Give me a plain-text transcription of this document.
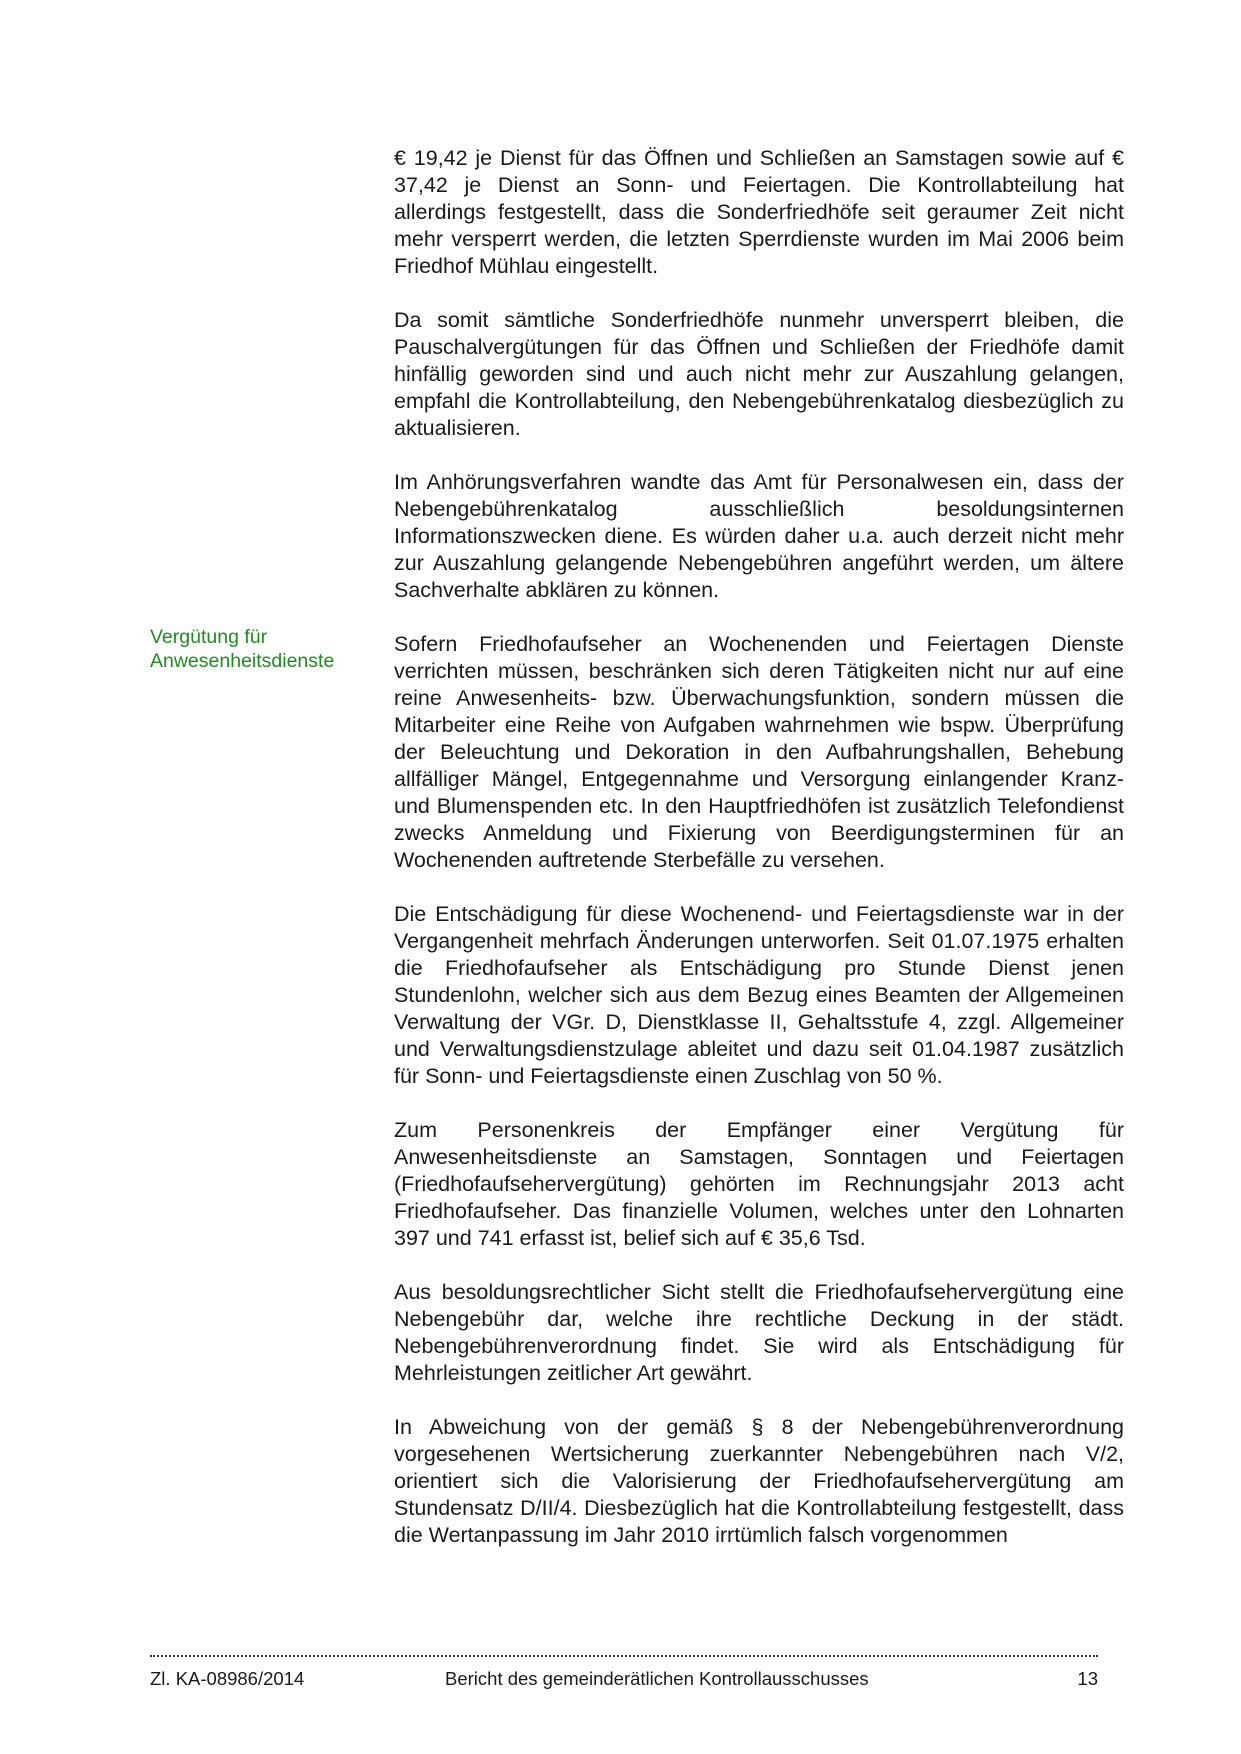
Vergütung für
Anwesenheitsdienste

€ 19,42 je Dienst für das Öffnen und Schließen an Samstagen sowie auf € 37,42 je Dienst an Sonn- und Feiertagen. Die Kontrollabteilung hat allerdings festgestellt, dass die Sonderfriedhöfe seit geraumer Zeit nicht mehr versperrt werden, die letzten Sperrdienste wurden im Mai 2006 beim Friedhof Mühlau eingestellt.

Da somit sämtliche Sonderfriedhöfe nunmehr unversperrt bleiben, die Pauschalvergütungen für das Öffnen und Schließen der Friedhöfe damit hinfällig geworden sind und auch nicht mehr zur Auszahlung gelangen, empfahl die Kontrollabteilung, den Nebengebührenkatalog diesbezüglich zu aktualisieren.

Im Anhörungsverfahren wandte das Amt für Personalwesen ein, dass der Nebengebührenkatalog ausschließlich besoldungsinternen Informationszwecken diene. Es würden daher u.a. auch derzeit nicht mehr zur Auszahlung gelangende Nebengebühren angeführt werden, um ältere Sachverhalte abklären zu können.

Sofern Friedhofaufseher an Wochenenden und Feiertagen Dienste verrichten müssen, beschränken sich deren Tätigkeiten nicht nur auf eine reine Anwesenheits- bzw. Überwachungsfunktion, sondern müssen die Mitarbeiter eine Reihe von Aufgaben wahrnehmen wie bspw. Überprüfung der Beleuchtung und Dekoration in den Aufbahrungshallen, Behebung allfälliger Mängel, Entgegennahme und Versorgung einlangender Kranz- und Blumenspenden etc. In den Hauptfriedhöfen ist zusätzlich Telefondienst zwecks Anmeldung und Fixierung von Beerdigungsterminen für an Wochenenden auftretende Sterbefälle zu versehen.

Die Entschädigung für diese Wochenend- und Feiertagsdienste war in der Vergangenheit mehrfach Änderungen unterworfen. Seit 01.07.1975 erhalten die Friedhofaufseher als Entschädigung pro Stunde Dienst jenen Stundenlohn, welcher sich aus dem Bezug eines Beamten der Allgemeinen Verwaltung der VGr. D, Dienstklasse II, Gehaltsstufe 4, zzgl. Allgemeiner und Verwaltungsdienstzulage ableitet und dazu seit 01.04.1987 zusätzlich für Sonn- und Feiertagsdienste einen Zuschlag von 50 %.

Zum Personenkreis der Empfänger einer Vergütung für Anwesenheitsdienste an Samstagen, Sonntagen und Feiertagen (Friedhofaufsehervergütung) gehörten im Rechnungsjahr 2013 acht Friedhofaufseher. Das finanzielle Volumen, welches unter den Lohnarten 397 und 741 erfasst ist, belief sich auf € 35,6 Tsd.

Aus besoldungsrechtlicher Sicht stellt die Friedhofaufsehervergütung eine Nebengebühr dar, welche ihre rechtliche Deckung in der städt. Nebengebührenverordnung findet. Sie wird als Entschädigung für Mehrleistungen zeitlicher Art gewährt.

In Abweichung von der gemäß § 8 der Nebengebührenverordnung vorgesehenen Wertsicherung zuerkannter Nebengebühren nach V/2, orientiert sich die Valorisierung der Friedhofaufsehervergütung am Stundensatz D/II/4. Diesbezüglich hat die Kontrollabteilung festgestellt, dass die Wertanpassung im Jahr 2010 irrtümlich falsch vorgenommen

Zl. KA-08986/2014	Bericht des gemeinderätlichen Kontrollausschusses	13
